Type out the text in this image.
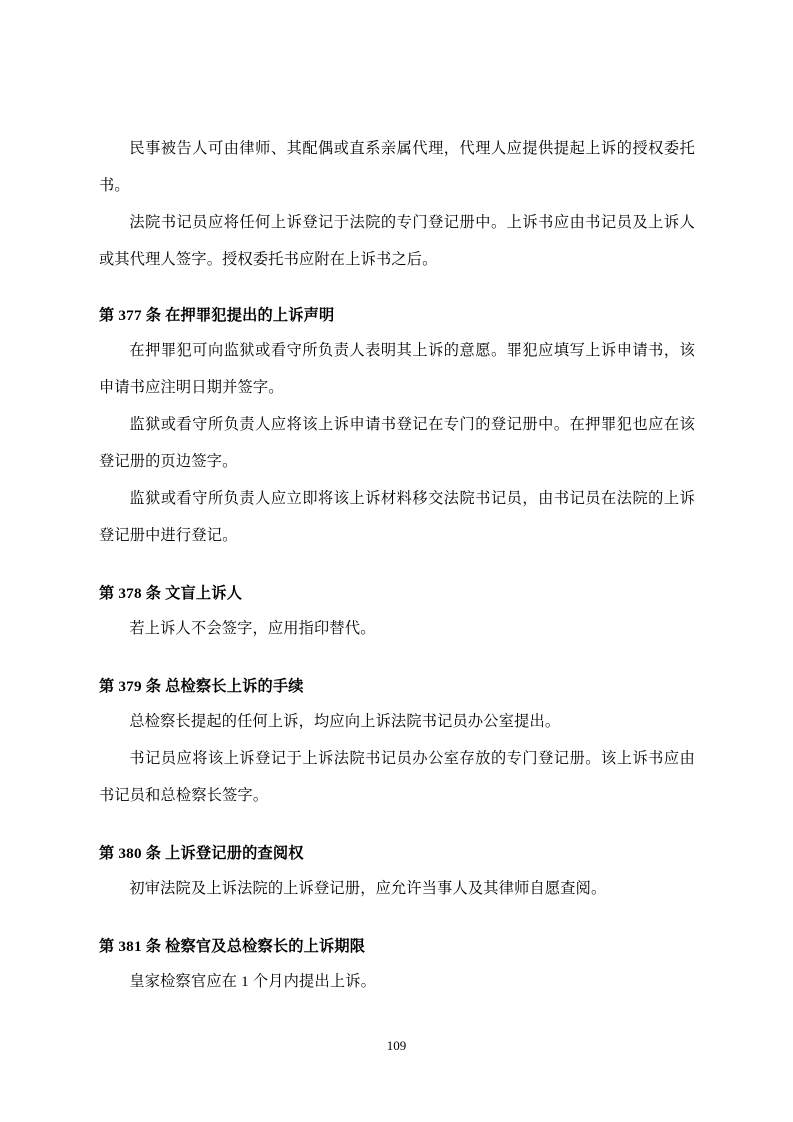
民事被告人可由律师、其配偶或直系亲属代理，代理人应提供提起上诉的授权委托书。

法院书记员应将任何上诉登记于法院的专门登记册中。上诉书应由书记员及上诉人或其代理人签字。授权委托书应附在上诉书之后。

第 377 条 在押罪犯提出的上诉声明

在押罪犯可向监狱或看守所负责人表明其上诉的意愿。罪犯应填写上诉申请书，该申请书应注明日期并签字。

监狱或看守所负责人应将该上诉申请书登记在专门的登记册中。在押罪犯也应在该登记册的页边签字。

监狱或看守所负责人应立即将该上诉材料移交法院书记员，由书记员在法院的上诉登记册中进行登记。

第 378 条 文盲上诉人

若上诉人不会签字，应用指印替代。

第 379 条 总检察长上诉的手续

总检察长提起的任何上诉，均应向上诉法院书记员办公室提出。

书记员应将该上诉登记于上诉法院书记员办公室存放的专门登记册。该上诉书应由书记员和总检察长签字。

第 380 条 上诉登记册的查阅权

初审法院及上诉法院的上诉登记册，应允许当事人及其律师自愿查阅。

第 381 条 检察官及总检察长的上诉期限

皇家检察官应在 1 个月内提出上诉。

109
